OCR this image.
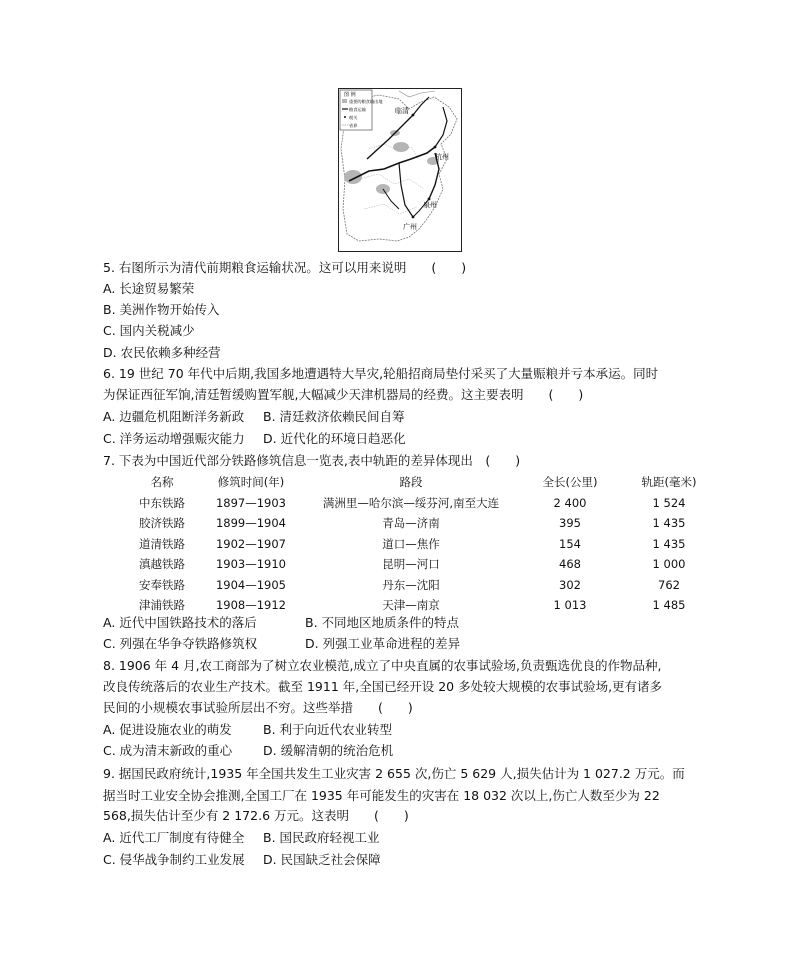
图 例
重要的粮食输出地
粮食运输
税关
省界
临清
杭州
泉州
广州
5. 右图所示为清代前期粮食运输状况。这可以用来说明　　(　　)
A. 长途贸易繁荣
B. 美洲作物开始传入
C. 国内关税减少
D. 农民依赖多种经营
6. 19 世纪 70 年代中后期,我国多地遭遇特大旱灾,轮船招商局垫付采买了大量赈粮并亏本承运。同时
为保证西征军饷,清廷暂缓购置军舰,大幅减少天津机器局的经费。这主要表明　　(　　)
A. 边疆危机阻断洋务新政 B. 清廷救济依赖民间自筹
C. 洋务运动增强赈灾能力 D. 近代化的环境日趋恶化
7. 下表为中国近代部分铁路修筑信息一览表,表中轨距的差异体现出　(　　)
名称	修筑时间(年)	路段	全长(公里)	轨距(毫米)
中东铁路	1897—1903	满洲里—哈尔滨—绥芬河,南至大连	2 400	1 524
胶济铁路	1899—1904	青岛—济南	395	1 435
道清铁路	1902—1907	道口—焦作	154	1 435
滇越铁路	1903—1910	昆明—河口	468	1 000
安奉铁路	1904—1905	丹东—沈阳	302	762
津浦铁路	1908—1912	天津—南京	1 013	1 485
A. 近代中国铁路技术的落后	B. 不同地区地质条件的特点
C. 列强在华争夺铁路修筑权	D. 列强工业革命进程的差异
8. 1906 年 4 月,农工商部为了树立农业模范,成立了中央直属的农事试验场,负责甄选优良的作物品种,
改良传统落后的农业生产技术。截至 1911 年,全国已经开设 20 多处较大规模的农事试验场,更有诸多
民间的小规模农事试验所层出不穷。这些举措　　(　　)
A. 促进设施农业的萌发 B. 利于向近代农业转型
C. 成为清末新政的重心 D. 缓解清朝的统治危机
9. 据国民政府统计,1935 年全国共发生工业灾害 2 655 次,伤亡 5 629 人,损失估计为 1 027.2 万元。而
据当时工业安全协会推测,全国工厂在 1935 年可能发生的灾害在 18 032 次以上,伤亡人数至少为 22
568,损失估计至少有 2 172.6 万元。这表明　　(　　)
A. 近代工厂制度有待健全 B. 国民政府轻视工业
C. 侵华战争制约工业发展 D. 民国缺乏社会保障
